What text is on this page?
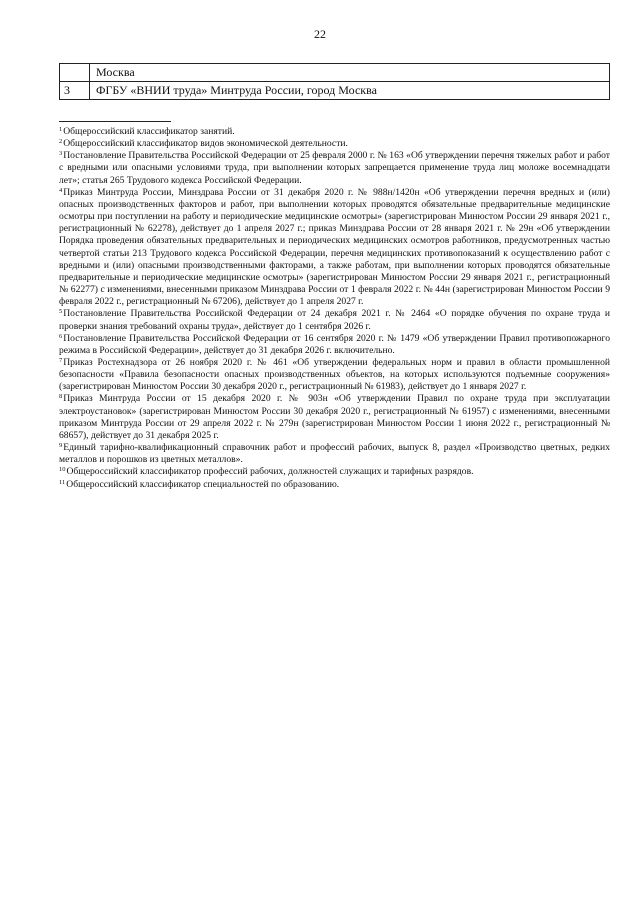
22
	Москва
3	ФГБУ «ВНИИ труда» Минтруда России, город Москва

$^1$Общероссийский классификатор занятий.

$^2$Общероссийский классификатор видов экономической деятельности.

$^3$Постановление Правительства Российской Федерации от 25 февраля 2000 г. № 163 «Об утверждении перечня тяжелых работ и работ с вредными или опасными условиями труда, при выполнении которых запрещается применение труда лиц моложе восемнадцати лет»; статья 265 Трудового кодекса Российской Федерации.

$^4$Приказ Минтруда России, Минздрава России от 31 декабря 2020 г. № 988н/1420н «Об утверждении перечня вредных и (или) опасных производственных факторов и работ, при выполнении которых проводятся обязательные предварительные медицинские осмотры при поступлении на работу и периодические медицинские осмотры» (зарегистрирован Минюстом России 29 января 2021 г., регистрационный № 62278), действует до 1 апреля 2027 г.; приказ Минздрава России от 28 января 2021 г. № 29н «Об утверждении Порядка проведения обязательных предварительных и периодических медицинских осмотров работников, предусмотренных частью четвертой статьи 213 Трудового кодекса Российской Федерации, перечня медицинских противопоказаний к осуществлению работ с вредными и (или) опасными производственными факторами, а также работам, при выполнении которых проводятся обязательные предварительные и периодические медицинские осмотры» (зарегистрирован Минюстом России 29 января 2021 г., регистрационный № 62277) с изменениями, внесенными приказом Минздрава России от 1 февраля 2022 г. № 44н (зарегистрирован Минюстом России 9 февраля 2022 г., регистрационный № 67206), действует до 1 апреля 2027 г.

$^5$Постановление Правительства Российской Федерации от 24 декабря 2021 г. № 2464 «О порядке обучения по охране труда и проверки знания требований охраны труда», действует до 1 сентября 2026 г.

$^6$Постановление Правительства Российской Федерации от 16 сентября 2020 г. № 1479 «Об утверждении Правил противопожарного режима в Российской Федерации», действует до 31 декабря 2026 г. включительно.

$^7$Приказ Ростехнадзора от 26 ноября 2020 г. № 461 «Об утверждении федеральных норм и правил в области промышленной безопасности «Правила безопасности опасных производственных объектов, на которых используются подъемные сооружения» (зарегистрирован Минюстом России 30 декабря 2020 г., регистрационный № 61983), действует до 1 января 2027 г.

$^8$Приказ Минтруда России от 15 декабря 2020 г. № 903н «Об утверждении Правил по охране труда при эксплуатации электроустановок» (зарегистрирован Минюстом России 30 декабря 2020 г., регистрационный № 61957) с изменениями, внесенными приказом Минтруда России от 29 апреля 2022 г. № 279н (зарегистрирован Минюстом России 1 июня 2022 г., регистрационный № 68657), действует до 31 декабря 2025 г.

$^9$Единый тарифно-квалификационный справочник работ и профессий рабочих, выпуск 8, раздел «Производство цветных, редких металлов и порошков из цветных металлов».

$^{10}$Общероссийский классификатор профессий рабочих, должностей служащих и тарифных разрядов.

$^{11}$Общероссийский классификатор специальностей по образованию.
